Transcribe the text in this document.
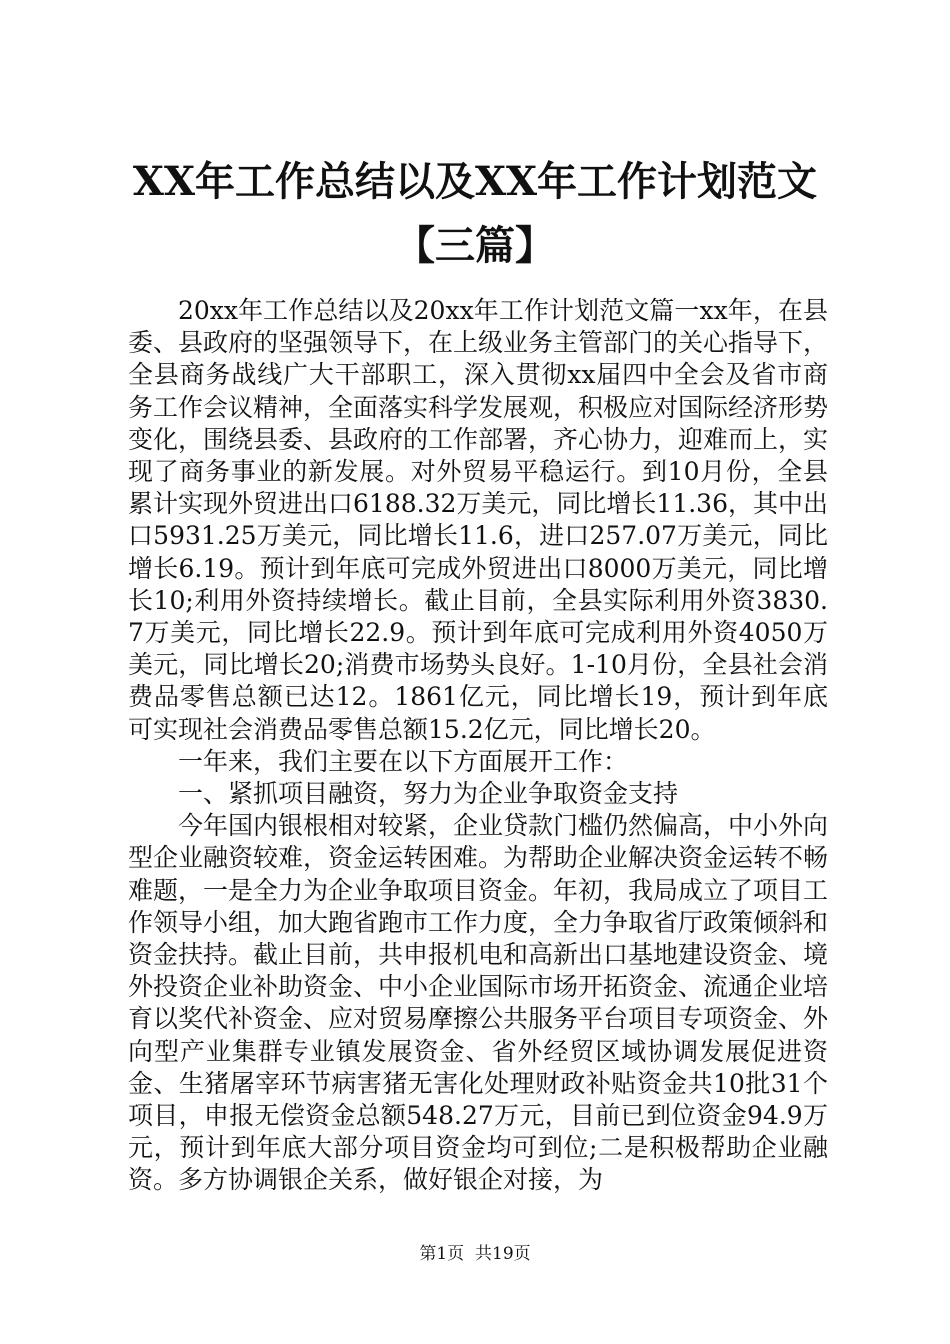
XX年工作总结以及XX年工作计划范文【三篇】

20xx年工作总结以及20xx年工作计划范文篇一xx年，在县委、县政府的坚强领导下，在上级业务主管部门的关心指导下，全县商务战线广大干部职工，深入贯彻xx届四中全会及省市商务工作会议精神，全面落实科学发展观，积极应对国际经济形势变化，围绕县委、县政府的工作部署，齐心协力，迎难而上，实现了商务事业的新发展。对外贸易平稳运行。到10月份，全县累计实现外贸进出口6188.32万美元，同比增长11.36，其中出口5931.25万美元，同比增长11.6，进口257.07万美元，同比增长6.19。预计到年底可完成外贸进出口8000万美元，同比增长10;利用外资持续增长。截止目前，全县实际利用外资3830.7万美元，同比增长22.9。预计到年底可完成利用外资4050万美元，同比增长20;消费市场势头良好。1-10月份，全县社会消费品零售总额已达12。1861亿元，同比增长19，预计到年底可实现社会消费品零售总额15.2亿元，同比增长20。

一年来，我们主要在以下方面展开工作：

一、紧抓项目融资，努力为企业争取资金支持

今年国内银根相对较紧，企业贷款门槛仍然偏高，中小外向型企业融资较难，资金运转困难。为帮助企业解决资金运转不畅难题，一是全力为企业争取项目资金。年初，我局成立了项目工作领导小组，加大跑省跑市工作力度，全力争取省厅政策倾斜和资金扶持。截止目前，共申报机电和高新出口基地建设资金、境外投资企业补助资金、中小企业国际市场开拓资金、流通企业培育以奖代补资金、应对贸易摩擦公共服务平台项目专项资金、外向型产业集群专业镇发展资金、省外经贸区域协调发展促进资金、生猪屠宰环节病害猪无害化处理财政补贴资金共10批31个项目，申报无偿资金总额548.27万元，目前已到位资金94.9万元，预计到年底大部分项目资金均可到位;二是积极帮助企业融资。多方协调银企关系，做好银企对接，为

第1页 共19页
